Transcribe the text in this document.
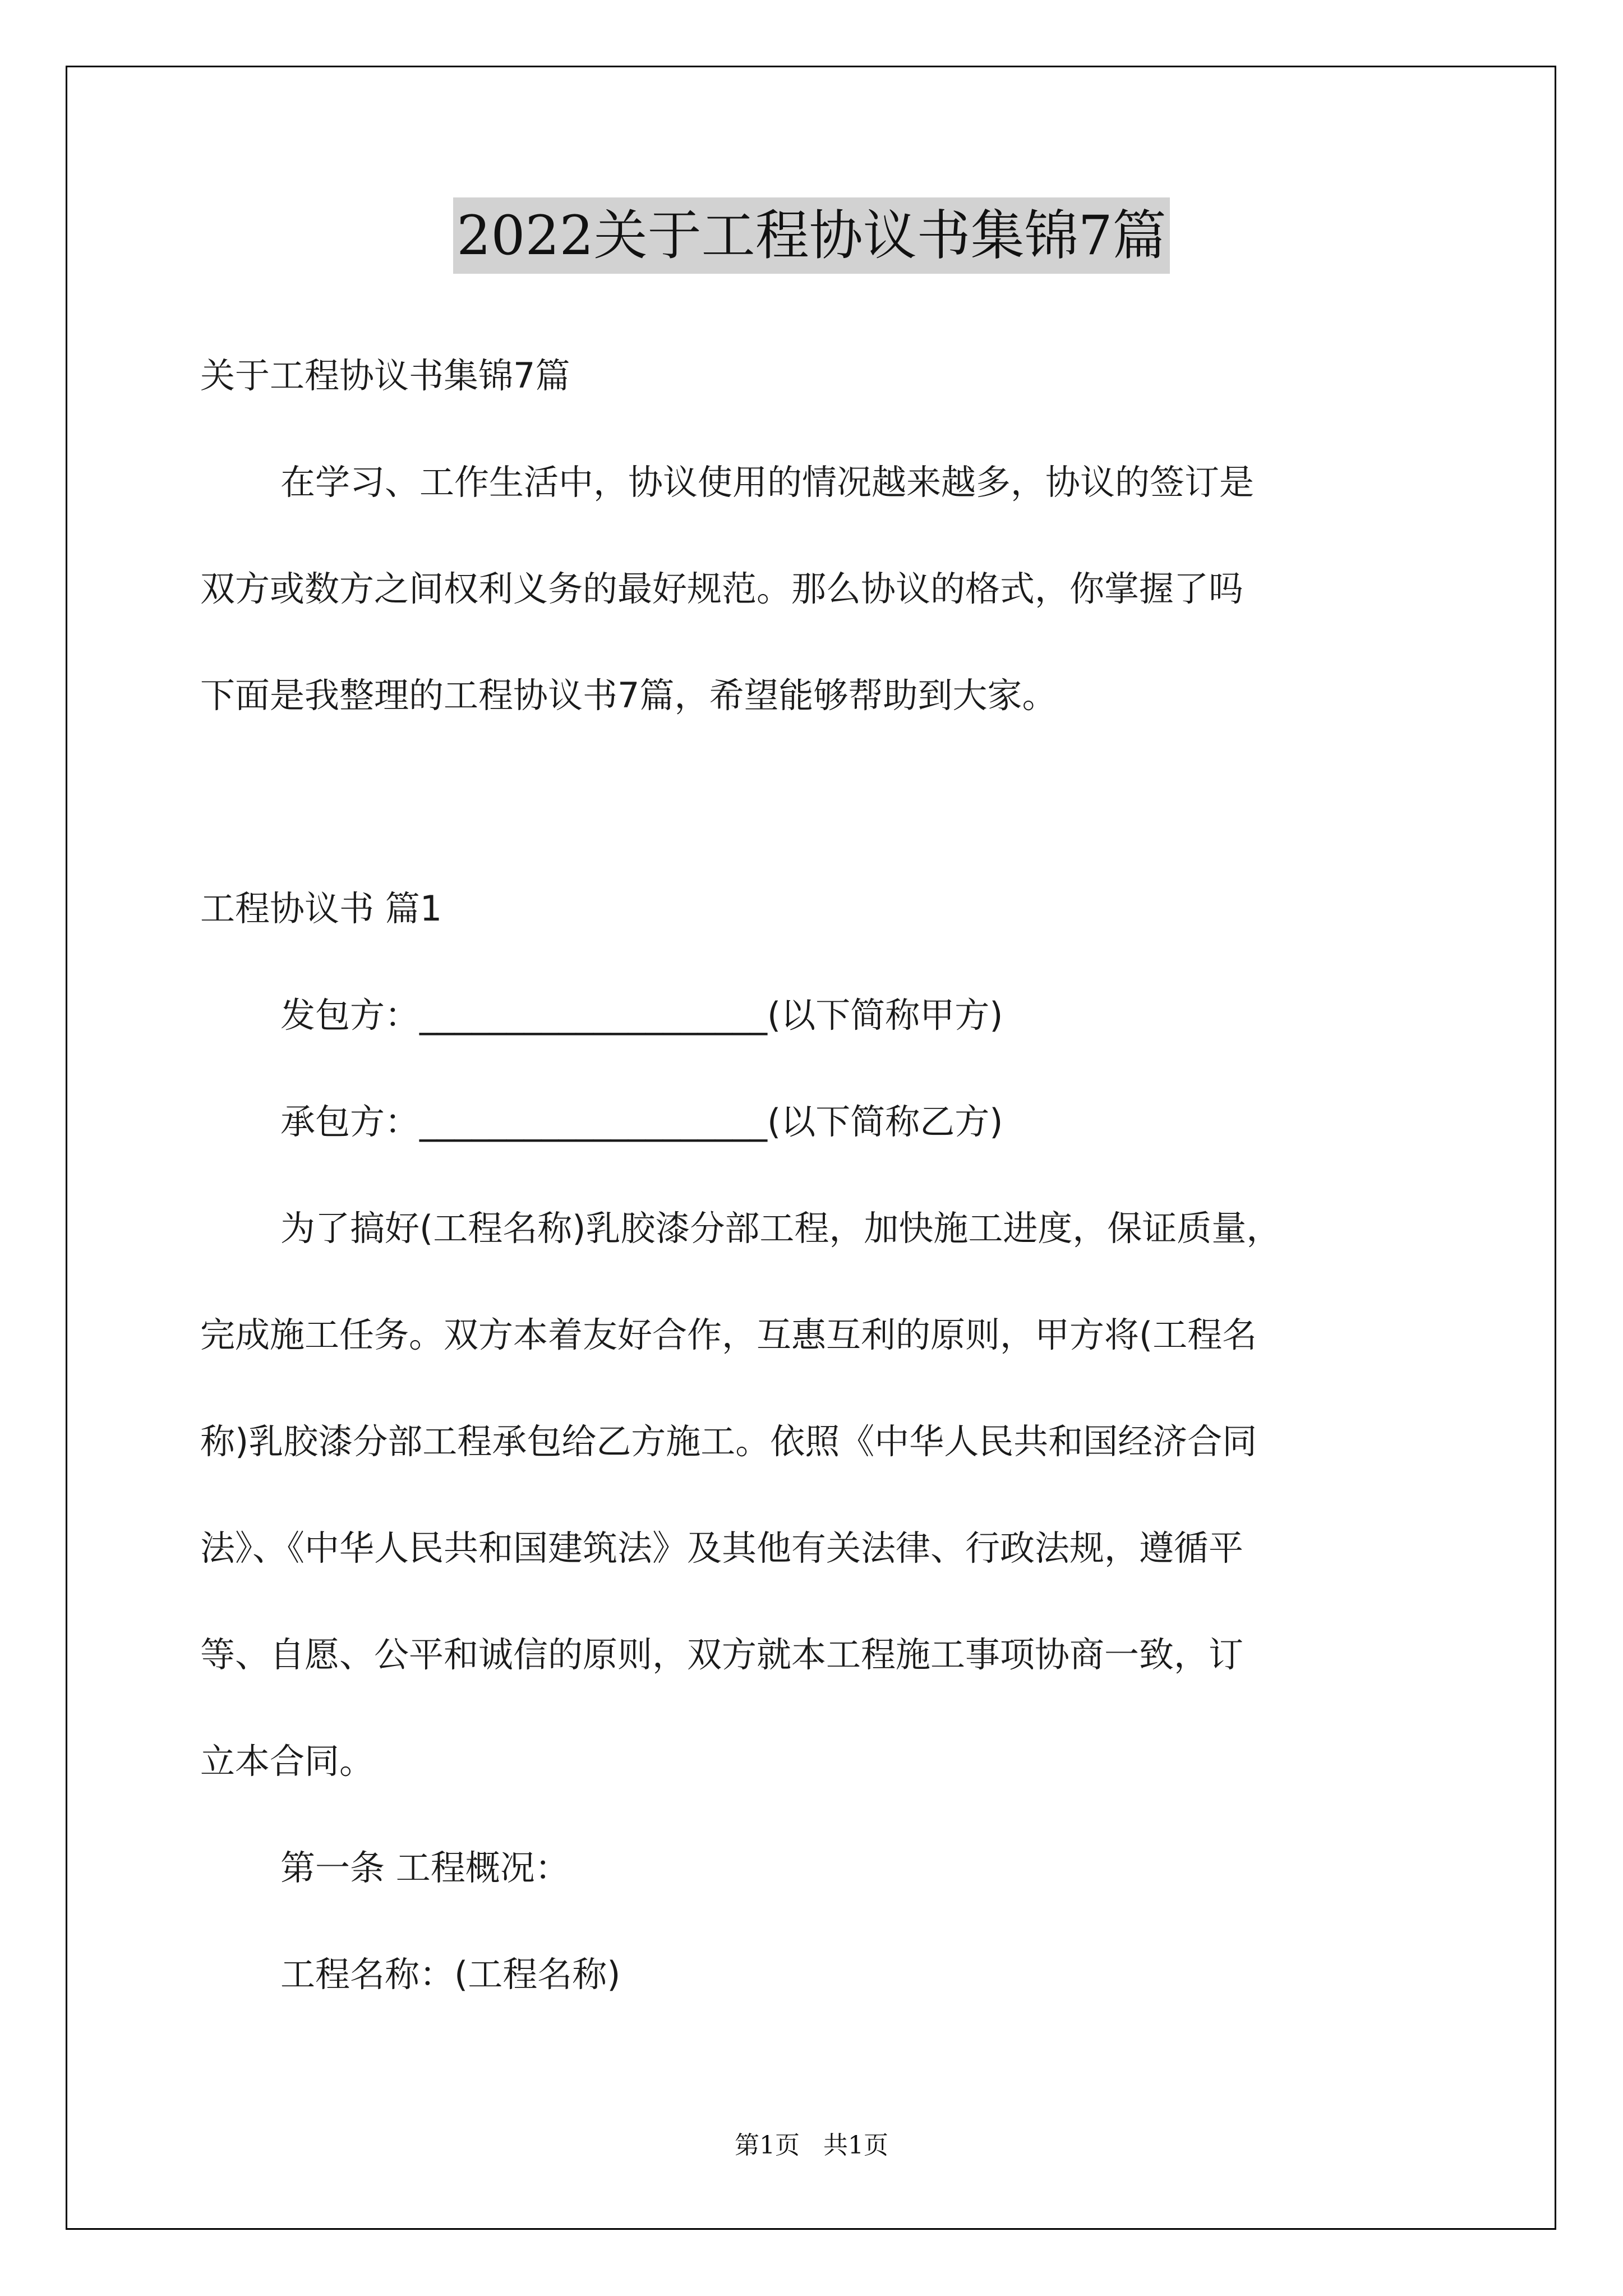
2022关于工程协议书集锦7篇
关于工程协议书集锦7篇
在学习、工作生活中，协议使用的情况越来越多，协议的签订是
双方或数方之间权利义务的最好规范。那么协议的格式，你掌握了吗
下面是我整理的工程协议书7篇，希望能够帮助到大家。
工程协议书 篇1
发包方：____________________(以下简称甲方)
承包方：____________________(以下简称乙方)
为了搞好(工程名称)乳胶漆分部工程，加快施工进度，保证质量，
完成施工任务。双方本着友好合作，互惠互利的原则，甲方将(工程名
称)乳胶漆分部工程承包给乙方施工。依照《中华人民共和国经济合同
法》、《中华人民共和国建筑法》及其他有关法律、行政法规，遵循平
等、自愿、公平和诚信的原则，双方就本工程施工事项协商一致，订
立本合同。
第一条 工程概况：
工程名称：(工程名称)
第1页 共1页
